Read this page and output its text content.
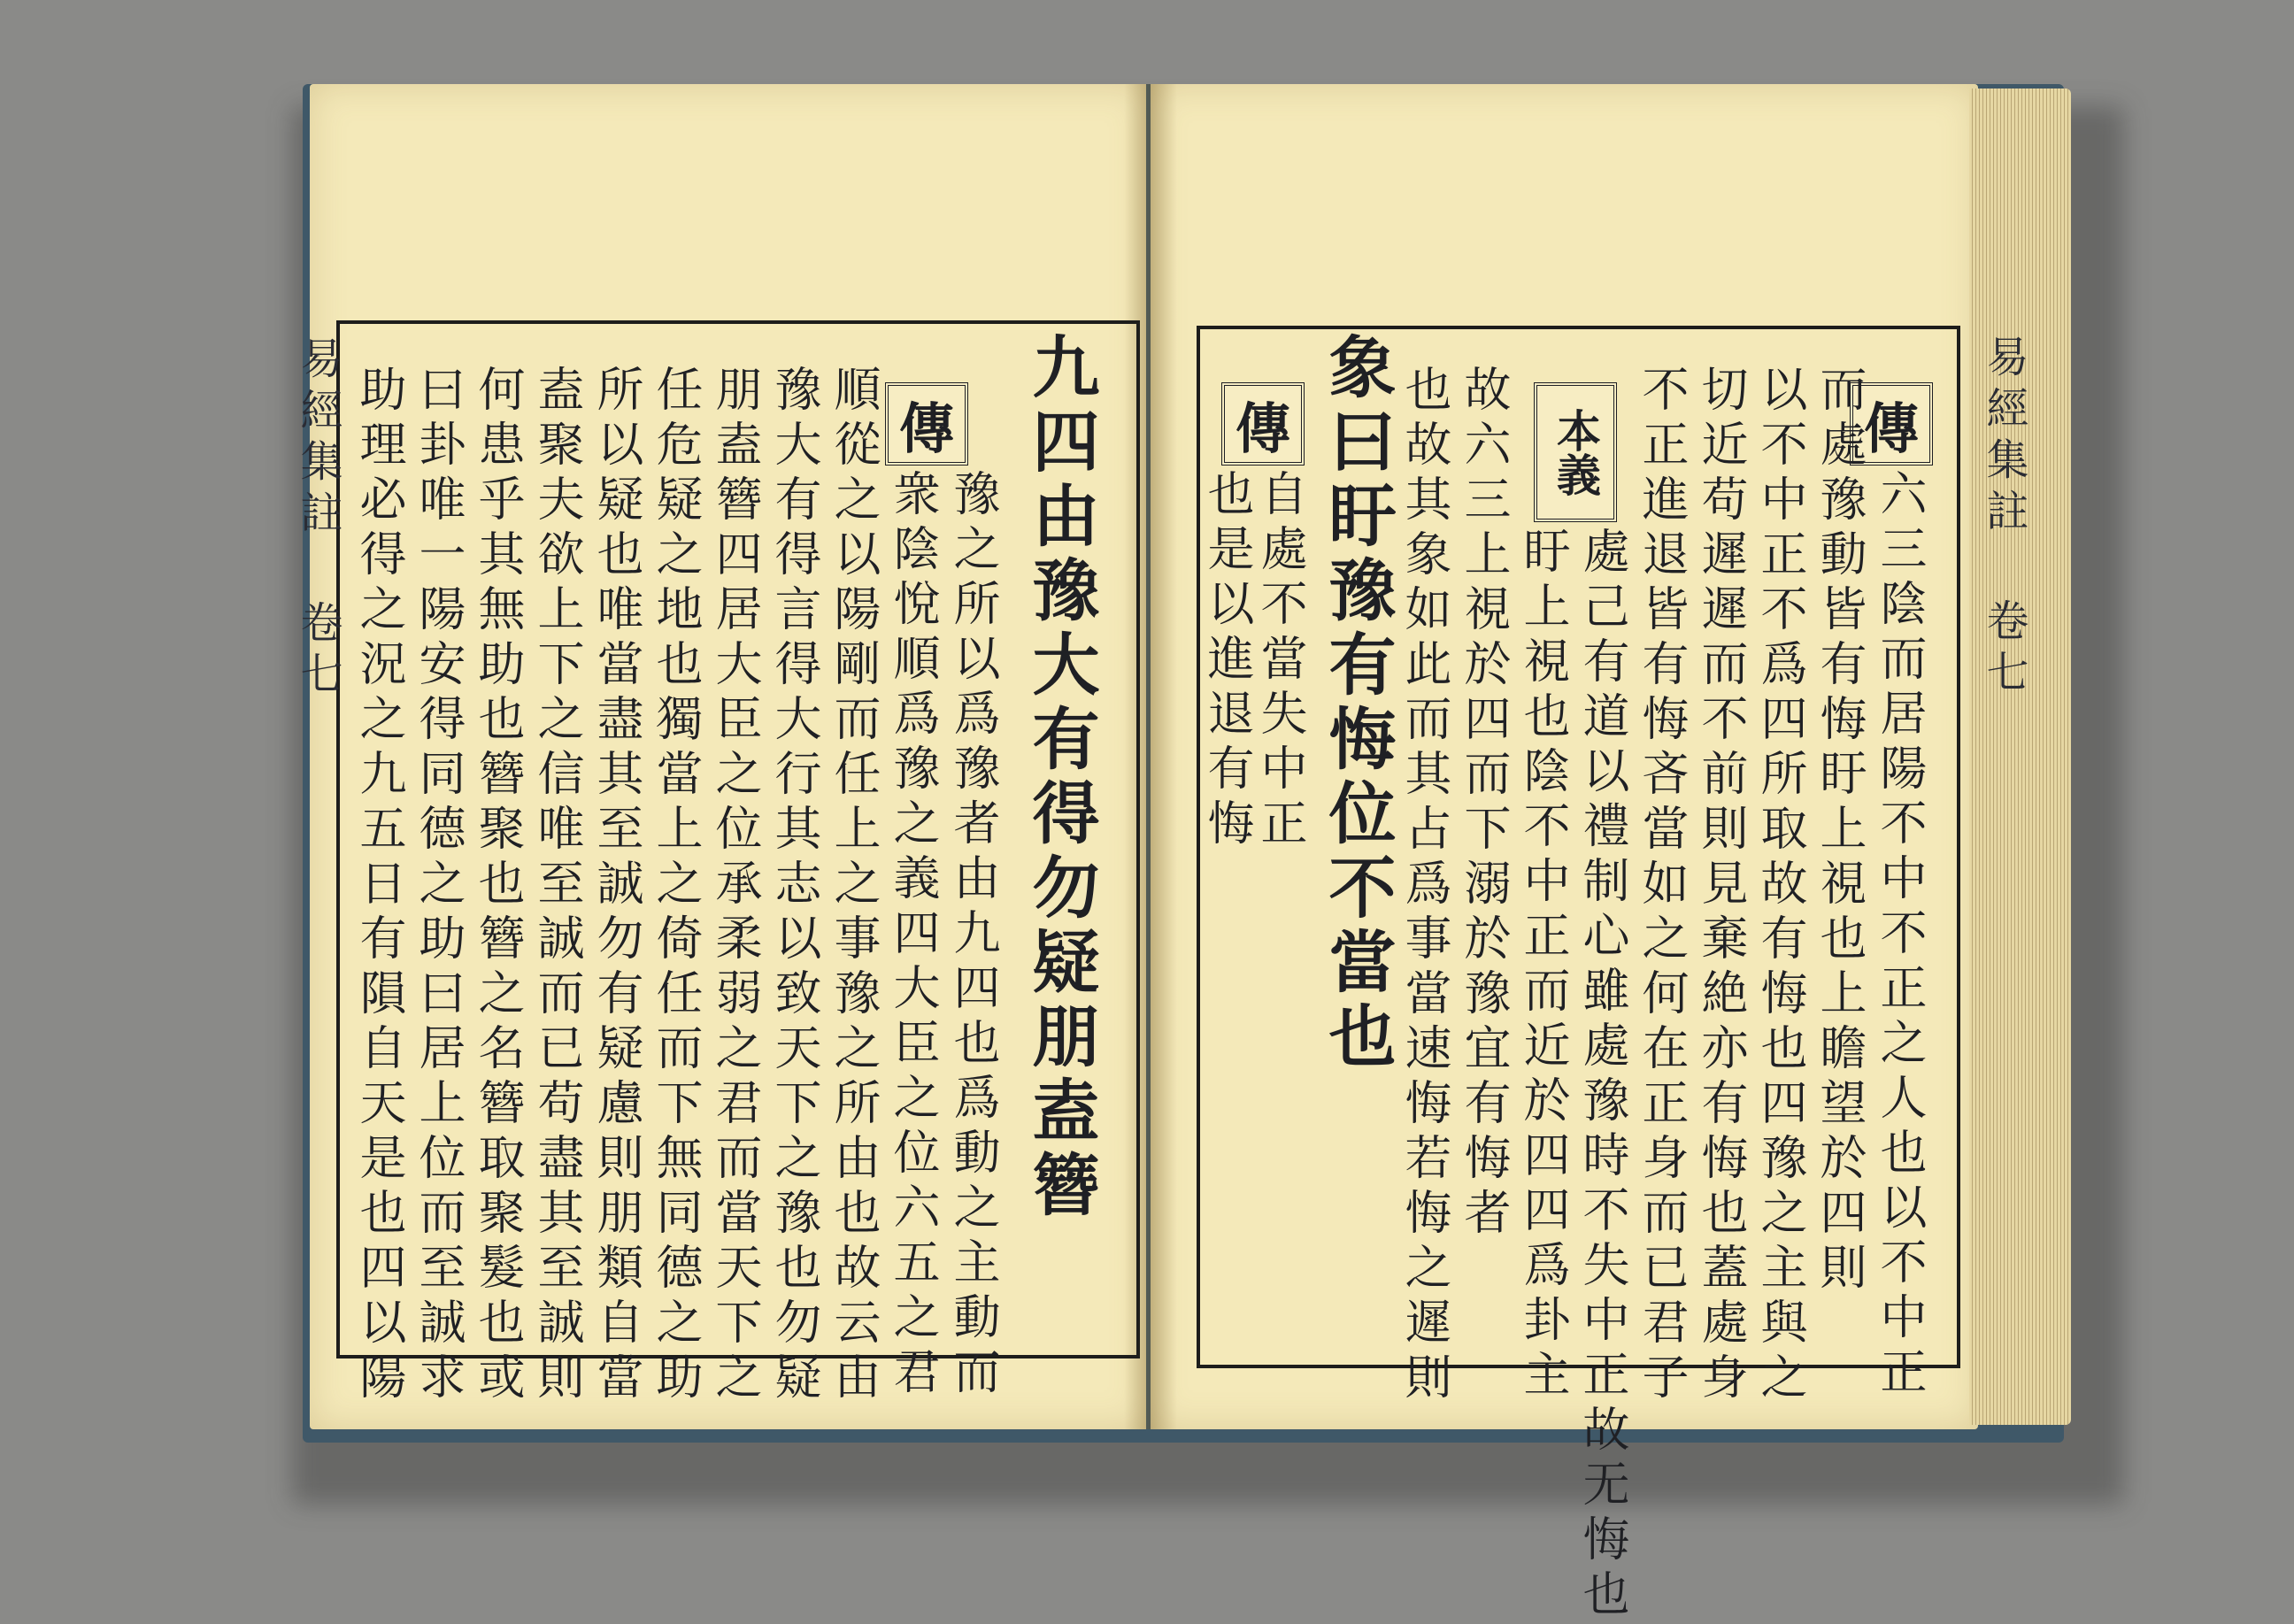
易經集註 卷七	九四由豫大有得勿疑朋盍簪
傳
豫之所以爲豫者由九四也爲動之主動而
衆陰悅順爲豫之義四大臣之位六五之君
順從之以陽剛而任上之事豫之所由也故云由
豫大有得言得大行其志以致天下之豫也勿疑
朋盍簪四居大臣之位承柔弱之君而當天下之
任危疑之地也獨當上之倚任而下無同德之助
所以疑也唯當盡其至誠勿有疑慮則朋類自當
盍聚夫欲上下之信唯至誠而已苟盡其至誠則
何患乎其無助也簪聚也簪之名簪取聚髮也或
曰卦唯一陽安得同德之助曰居上位而至誠求
助理必得之況之九五日有隕自天是也四以陽	易經集註 卷七
傳
本義
傳
六三陰而居陽不中不正之人也以不中正
而處豫動皆有悔盱上視也上瞻望於四則
以不中正不爲四所取故有悔也四豫之主與之
切近苟遲遲而不前則見棄絶亦有悔也蓋處身
不正進退皆有悔吝當如之何在正身而已君子
處己有道以禮制心雖處豫時不失中正故无悔也
盱上視也陰不中正而近於四四爲卦主
故六三上視於四而下溺於豫宜有悔者
也故其象如此而其占爲事當速悔若悔之遲則
象曰盱豫有悔位不當也
自處不當失中正
也是以進退有悔
